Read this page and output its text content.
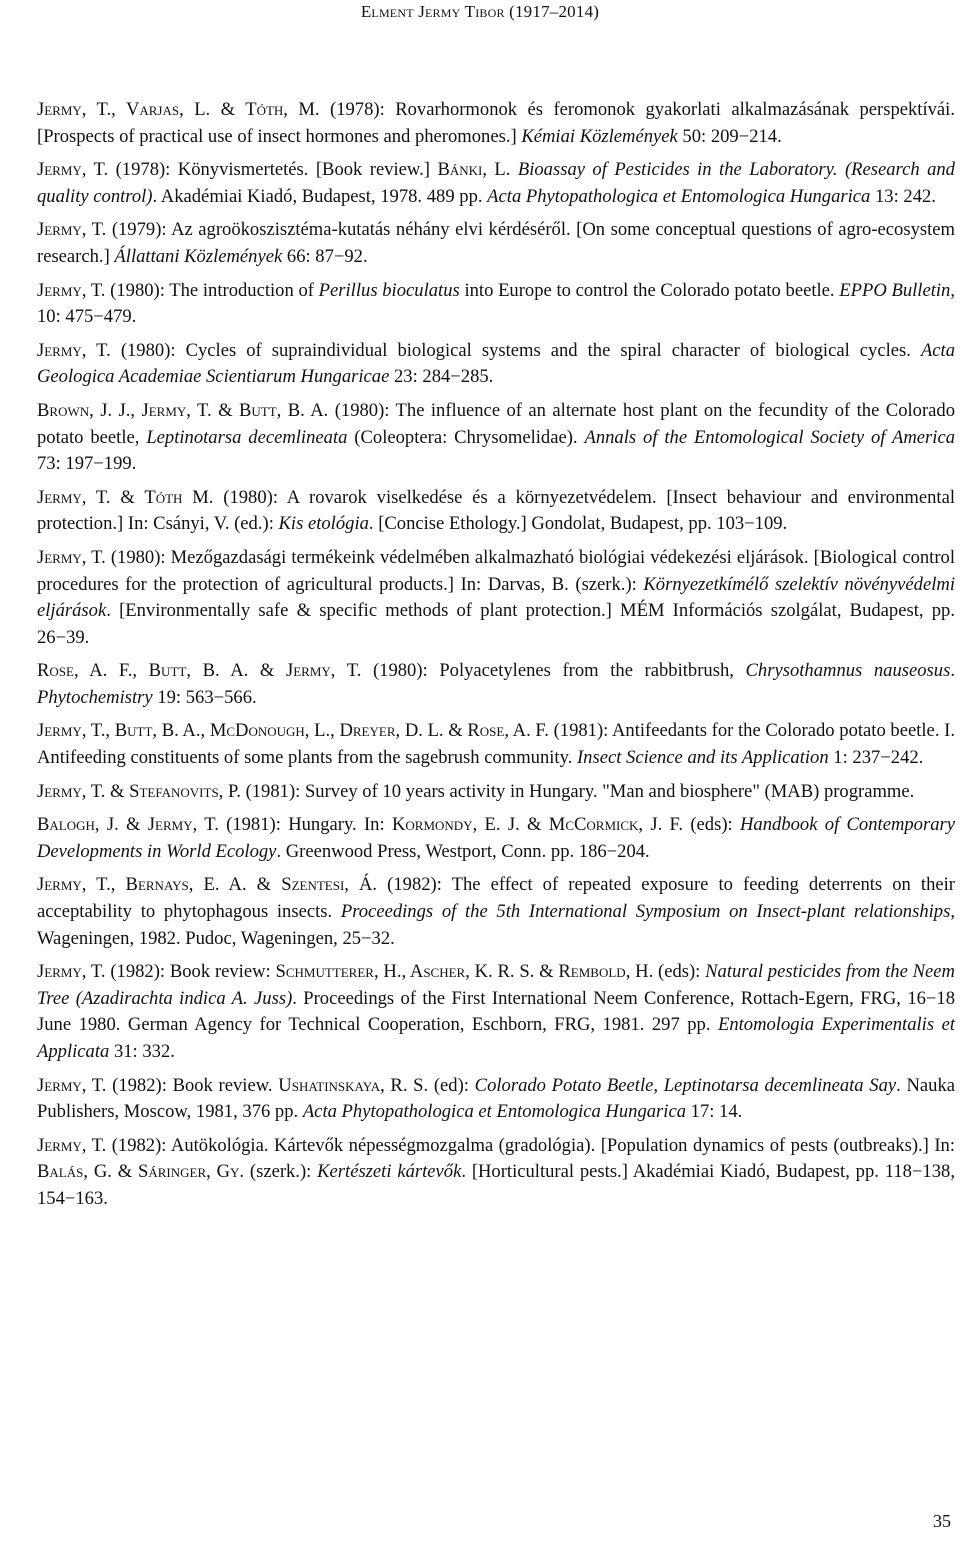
Elment Jermy Tibor (1917–2014)
Jermy, T., Varjas, L. & Tóth, M. (1978): Rovarhormonok és feromonok gyakorlati alkalmazásának perspektívái. [Prospects of practical use of insect hormones and pheromones.] Kémiai Közlemények 50: 209−214.
Jermy, T. (1978): Könyvismertetés. [Book review.] Bánki, L. Bioassay of Pesticides in the Laboratory. (Research and quality control). Akadémiai Kiadó, Budapest, 1978. 489 pp. Acta Phytopathologica et Entomologica Hungarica 13: 242.
Jermy, T. (1979): Az agroökoszisztéma-kutatás néhány elvi kérdéséről. [On some conceptual questions of agro-ecosystem research.] Állattani Közlemények 66: 87−92.
Jermy, T. (1980): The introduction of Perillus bioculatus into Europe to control the Colorado potato beetle. EPPO Bulletin, 10: 475−479.
Jermy, T. (1980): Cycles of supraindividual biological systems and the spiral character of biological cycles. Acta Geologica Academiae Scientiarum Hungaricae 23: 284−285.
Brown, J. J., Jermy, T. & Butt, B. A. (1980): The influence of an alternate host plant on the fecundity of the Colorado potato beetle, Leptinotarsa decemlineata (Coleoptera: Chrysomelidae). Annals of the Entomological Society of America 73: 197−199.
Jermy, T. & Tóth M. (1980): A rovarok viselkedése és a környezetvédelem. [Insect behaviour and environmental protection.] In: Csányi, V. (ed.): Kis etológia. [Concise Ethology.] Gondolat, Budapest, pp. 103−109.
Jermy, T. (1980): Mezőgazdasági termékeink védelmében alkalmazható biológiai védekezési eljárások. [Biological control procedures for the protection of agricultural products.] In: Darvas, B. (szerk.): Környezetkímélő szelektív növényvédelmi eljárások. [Environmentally safe & specific methods of plant protection.] MÉM Információs szolgálat, Budapest, pp. 26−39.
Rose, A. F., Butt, B. A. & Jermy, T. (1980): Polyacetylenes from the rabbitbrush, Chrysothamnus nauseosus. Phytochemistry 19: 563−566.
Jermy, T., Butt, B. A., McDonough, L., Dreyer, D. L. & Rose, A. F. (1981): Antifeedants for the Colorado potato beetle. I. Antifeeding constituents of some plants from the sagebrush community. Insect Science and its Application 1: 237−242.
Jermy, T. & Stefanovits, P. (1981): Survey of 10 years activity in Hungary. "Man and biosphere" (MAB) programme.
Balogh, J. & Jermy, T. (1981): Hungary. In: Kormondy, E. J. & McCormick, J. F. (eds): Handbook of Contemporary Developments in World Ecology. Greenwood Press, Westport, Conn. pp. 186−204.
Jermy, T., Bernays, E. A. & Szentesi, Á. (1982): The effect of repeated exposure to feeding deterrents on their acceptability to phytophagous insects. Proceedings of the 5th International Symposium on Insect-plant relationships, Wageningen, 1982. Pudoc, Wageningen, 25−32.
Jermy, T. (1982): Book review: Schmutterer, H., Ascher, K. R. S. & Rembold, H. (eds): Natural pesticides from the Neem Tree (Azadirachta indica A. Juss). Proceedings of the First International Neem Conference, Rottach-Egern, FRG, 16−18 June 1980. German Agency for Technical Cooperation, Eschborn, FRG, 1981. 297 pp. Entomologia Experimentalis et Applicata 31: 332.
Jermy, T. (1982): Book review. Ushatinskaya, R. S. (ed): Colorado Potato Beetle, Leptinotarsa decemlineata Say. Nauka Publishers, Moscow, 1981, 376 pp. Acta Phytopathologica et Entomologica Hungarica 17: 14.
Jermy, T. (1982): Autökológia. Kártevők népességmozgalma (gradológia). [Population dynamics of pests (outbreaks).] In: Balás, G. & Sáringer, Gy. (szerk.): Kertészeti kártevők. [Horticultural pests.] Akadémiai Kiadó, Budapest, pp. 118−138, 154−163.
35
